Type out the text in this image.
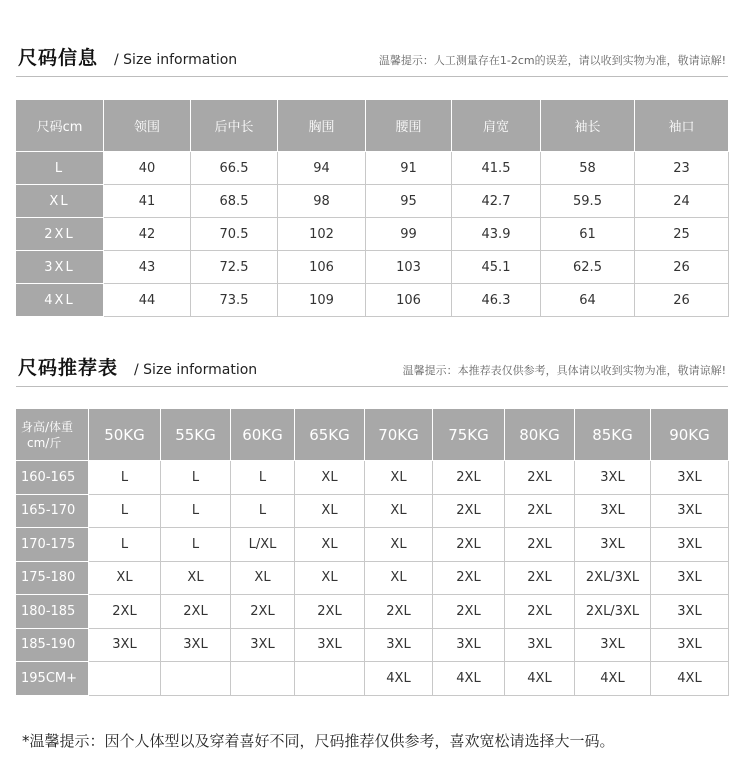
尺码信息 / Size information	温馨提示：人工测量存在1-2cm的误差，请以收到实物为准，敬请谅解!
尺码cm	领围	后中长	胸围	腰围	肩宽	袖长	袖口
L	40	66.5	94	91	41.5	58	23
XL	41	68.5	98	95	42.7	59.5	24
2XL	42	70.5	102	99	43.9	61	25
3XL	43	72.5	106	103	45.1	62.5	26
4XL	44	73.5	109	106	46.3	64	26
尺码推荐表 / Size information	温馨提示：本推荐表仅供参考，具体请以收到实物为准，敬请谅解!
身高/体重
cm/斤	50KG	55KG	60KG	65KG	70KG	75KG	80KG	85KG	90KG
160-165	L	L	L	XL	XL	2XL	2XL	3XL	3XL
165-170	L	L	L	XL	XL	2XL	2XL	3XL	3XL
170-175	L	L	L/XL	XL	XL	2XL	2XL	3XL	3XL
175-180	XL	XL	XL	XL	XL	2XL	2XL	2XL/3XL	3XL
180-185	2XL	2XL	2XL	2XL	2XL	2XL	2XL	2XL/3XL	3XL
185-190	3XL	3XL	3XL	3XL	3XL	3XL	3XL	3XL	3XL
195CM+					4XL	4XL	4XL	4XL	4XL
*温馨提示：因个人体型以及穿着喜好不同，尺码推荐仅供参考，喜欢宽松请选择大一码。
